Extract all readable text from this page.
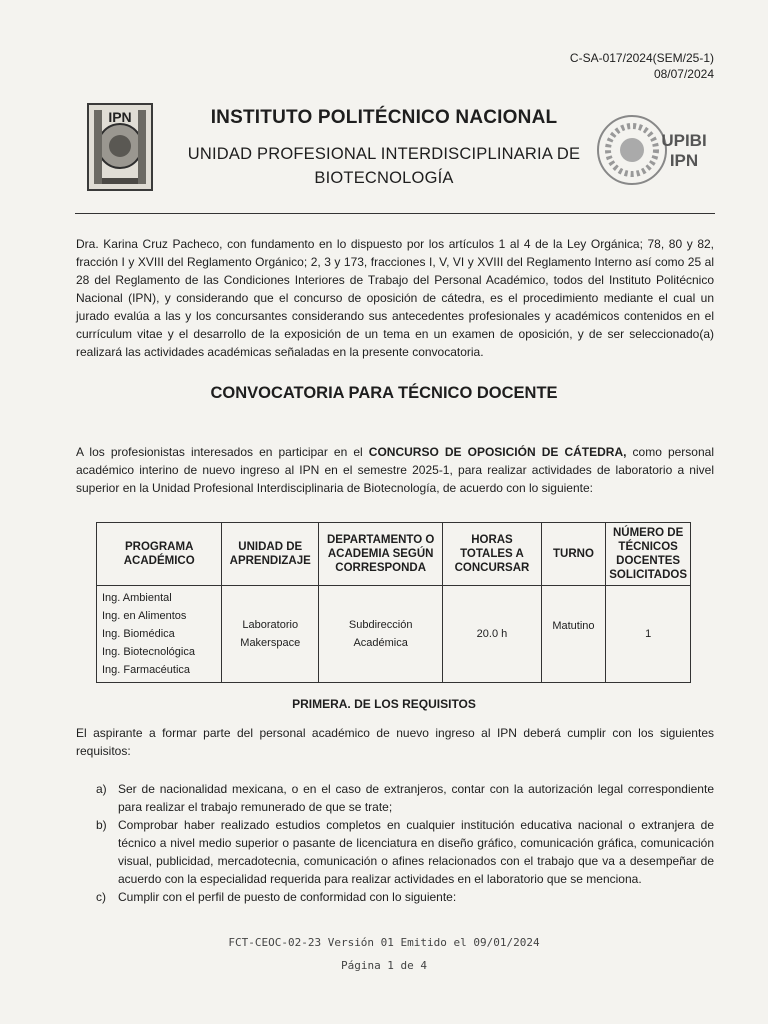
C-SA-017/2024(SEM/25-1)
08/07/2024
IPN	INSTITUTO POLITÉCNICO NACIONAL
UNIDAD PROFESIONAL INTERDISCIPLINARIA DE
BIOTECNOLOGÍA
UPIBI
IPN

Dra. Karina Cruz Pacheco, con fundamento en lo dispuesto por los artículos 1 al 4 de la Ley Orgánica; 78, 80 y 82, fracción I y XVIII del Reglamento Orgánico; 2, 3 y 173, fracciones I, V, VI y XVIII del Reglamento Interno así como 25 al 28 del Reglamento de las Condiciones Interiores de Trabajo del Personal Académico, todos del Instituto Politécnico Nacional (IPN), y considerando que el concurso de oposición de cátedra, es el procedimiento mediante el cual un jurado evalúa a las y los concursantes considerando sus antecedentes profesionales y académicos contenidos en el currículum vitae y el desarrollo de la exposición de un tema en un examen de oposición, y de ser seleccionado(a) realizará las actividades académicas señaladas en la presente convocatoria.

CONVOCATORIA PARA TÉCNICO DOCENTE

A los profesionistas interesados en participar en el CONCURSO DE OPOSICIÓN DE CÁTEDRA, como personal académico interino de nuevo ingreso al IPN en el semestre 2025-1, para realizar actividades de laboratorio a nivel superior en la Unidad Profesional Interdisciplinaria de Biotecnología, de acuerdo con lo siguiente:

PROGRAMA ACADÉMICO	UNIDAD DE APRENDIZAJE	DEPARTAMENTO O ACADEMIA SEGÚN CORRESPONDA	HORAS TOTALES A CONCURSAR	TURNO	NÚMERO DE TÉCNICOS DOCENTES SOLICITADOS

Ing. Ambiental
Ing. en Alimentos
Ing. Biomédica
Ing. Biotecnológica
Ing. Farmacéutica	Laboratorio Makerspace	Subdirección Académica	20.0 h	Matutino	1
PRIMERA. DE LOS REQUISITOS

El aspirante a formar parte del personal académico de nuevo ingreso al IPN deberá cumplir con los siguientes requisitos:

a) Ser de nacionalidad mexicana, o en el caso de extranjeros, contar con la autorización legal correspondiente para realizar el trabajo remunerado de que se trate;
b) Comprobar haber realizado estudios completos en cualquier institución educativa nacional o extranjera de técnico a nivel medio superior o pasante de licenciatura en diseño gráfico, comunicación gráfica, comunicación visual, publicidad, mercadotecnia, comunicación o afines relacionados con el trabajo que va a desempeñar de acuerdo con la especialidad requerida para realizar actividades en el laboratorio que se menciona.
c) Cumplir con el perfil de puesto de conformidad con lo siguiente:
FCT-CEOC-02-23 Versión 01 Emitido el 09/01/2024
Página 1 de 4
